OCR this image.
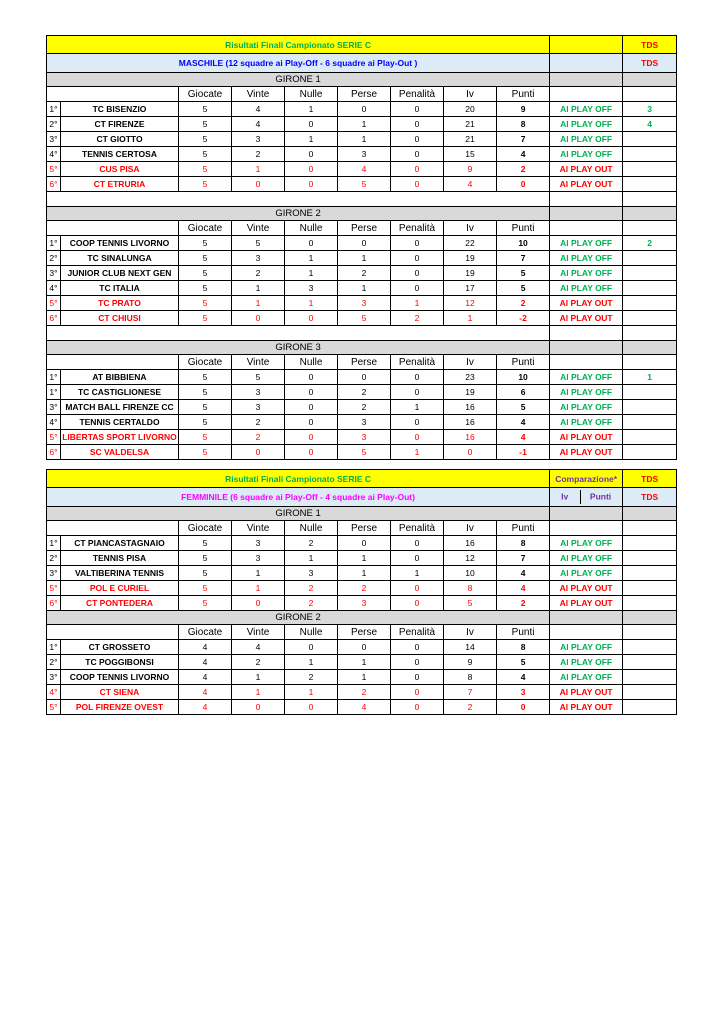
Risultati Finali Campionato SERIE C										TDS
MASCHILE (12 squadre ai Play-Off - 6 squadre ai Play-Out )										TDS
GIRONE 1										
		Giocate	Vinte	Nulle	Perse	Penalità	Iv	Punti		
1°	TC BISENZIO	5	4	1	0	0	20	9	Al PLAY OFF	3
2°	CT FIRENZE	5	4	0	1	0	21	8	Al PLAY OFF	4
3°	CT GIOTTO	5	3	1	1	0	21	7	Al PLAY OFF	
4°	TENNIS CERTOSA	5	2	0	3	0	15	4	Al PLAY OFF	
5°	CUS PISA	5	1	0	4	0	9	2	Al PLAY OUT	
6°	CT ETRURIA	5	0	0	5	0	4	0	Al PLAY OUT	

GIRONE 2										
		Giocate	Vinte	Nulle	Perse	Penalità	Iv	Punti		
1°	COOP TENNIS LIVORNO	5	5	0	0	0	22	10	Al PLAY OFF	2
2°	TC SINALUNGA	5	3	1	1	0	19	7	Al PLAY OFF	
3°	JUNIOR CLUB NEXT GEN	5	2	1	2	0	19	5	Al PLAY OFF	
4°	TC ITALIA	5	1	3	1	0	17	5	Al PLAY OFF	
5°	TC PRATO	5	1	1	3	1	12	2	Al PLAY OUT	
6°	CT CHIUSI	5	0	0	5	2	1	-2	Al PLAY OUT	

GIRONE 3										
		Giocate	Vinte	Nulle	Perse	Penalità	Iv	Punti		
1°	AT BIBBIENA	5	5	0	0	0	23	10	Al PLAY OFF	1
1°	TC CASTIGLIONESE	5	3	0	2	0	19	6	Al PLAY OFF	
3°	MATCH BALL FIRENZE CC	5	3	0	2	1	16	5	Al PLAY OFF	
4°	TENNIS CERTALDO	5	2	0	3	0	16	4	Al PLAY OFF	
5°	LIBERTAS SPORT LIVORNO	5	2	0	3	0	16	4	Al PLAY OUT	
6°	SC VALDELSA	5	0	0	5	1	0	-1	Al PLAY OUT	
Risultati Finali Campionato SERIE C									Comparazione*	TDS
FEMMINILE (6 squadre ai Play-Off - 4 squadre ai Play-Out)									Iv Punti	TDS
GIRONE 1										
		Giocate	Vinte	Nulle	Perse	Penalità	Iv	Punti		
1°	CT PIANCASTAGNAIO	5	3	2	0	0	16	8	Al PLAY OFF	
2°	TENNIS PISA	5	3	1	1	0	12	7	Al PLAY OFF	
3°	VALTIBERINA TENNIS	5	1	3	1	1	10	4	Al PLAY OFF	
5°	POL E CURIEL	5	1	2	2	0	8	4	Al PLAY OUT	
6°	CT PONTEDERA	5	0	2	3	0	5	2	Al PLAY OUT	
GIRONE 2										
		Giocate	Vinte	Nulle	Perse	Penalità	Iv	Punti		
1°	CT GROSSETO	4	4	0	0	0	14	8	Al PLAY OFF	
2°	TC POGGIBONSI	4	2	1	1	0	9	5	Al PLAY OFF	
3°	COOP TENNIS LIVORNO	4	1	2	1	0	8	4	Al PLAY OFF	
4°	CT SIENA	4	1	1	2	0	7	3	Al PLAY OUT	
5°	POL FIRENZE OVEST	4	0	0	4	0	2	0	Al PLAY OUT	
